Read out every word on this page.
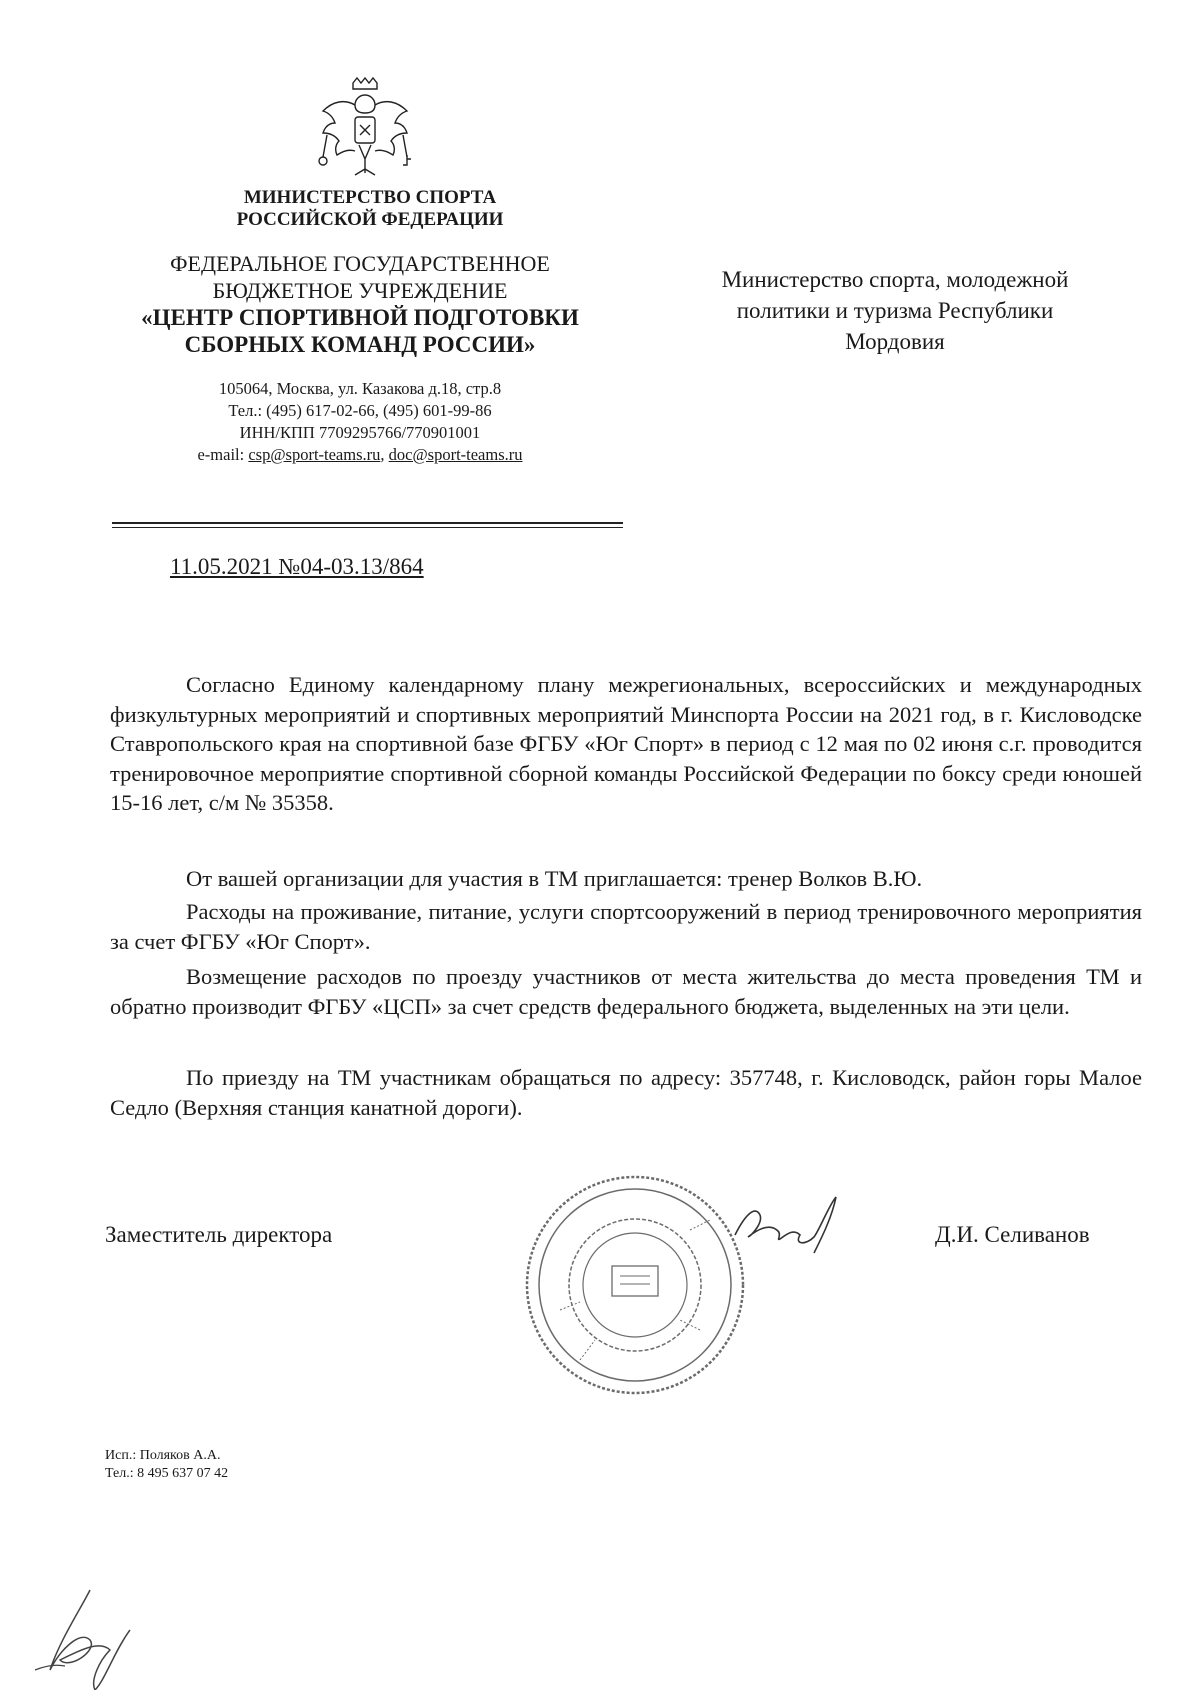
МИНИСТЕРСТВО СПОРТА
РОССИЙСКОЙ ФЕДЕРАЦИИ
ФЕДЕРАЛЬНОЕ ГОСУДАРСТВЕННОЕ
БЮДЖЕТНОЕ УЧРЕЖДЕНИЕ
«ЦЕНТР СПОРТИВНОЙ ПОДГОТОВКИ
СБОРНЫХ КОМАНД РОССИИ»
105064, Москва, ул. Казакова д.18, стр.8
Тел.: (495) 617-02-66, (495) 601-99-86
ИНН/КПП 7709295766/770901001
e-mail: csp@sport-teams.ru, doc@sport-teams.ru
Министерство спорта, молодежной
политики и туризма Республики
Мордовия
11.05.2021 №04-03.13/864
Согласно Единому календарному плану межрегиональных, всероссийских и международных физкультурных мероприятий и спортивных мероприятий Минспорта России на 2021 год, в г. Кисловодске Ставропольского края на спортивной базе ФГБУ «Юг Спорт» в период с 12 мая по 02 июня с.г. проводится тренировочное мероприятие спортивной сборной команды Российской Федерации по боксу среди юношей 15-16 лет, с/м № 35358.
От вашей организации для участия в ТМ приглашается: тренер Волков В.Ю.
Расходы на проживание, питание, услуги спортсооружений в период тренировочного мероприятия за счет ФГБУ «Юг Спорт».
Возмещение расходов по проезду участников от места жительства до места проведения ТМ и обратно производит ФГБУ «ЦСП» за счет средств федерального бюджета, выделенных на эти цели.
По приезду на ТМ участникам обращаться по адресу: 357748, г. Кисловодск, район горы Малое Седло (Верхняя станция канатной дороги).
Заместитель директора	Д.И. Селиванов
Исп.: Поляков А.А.
Тел.: 8 495 637 07 42
